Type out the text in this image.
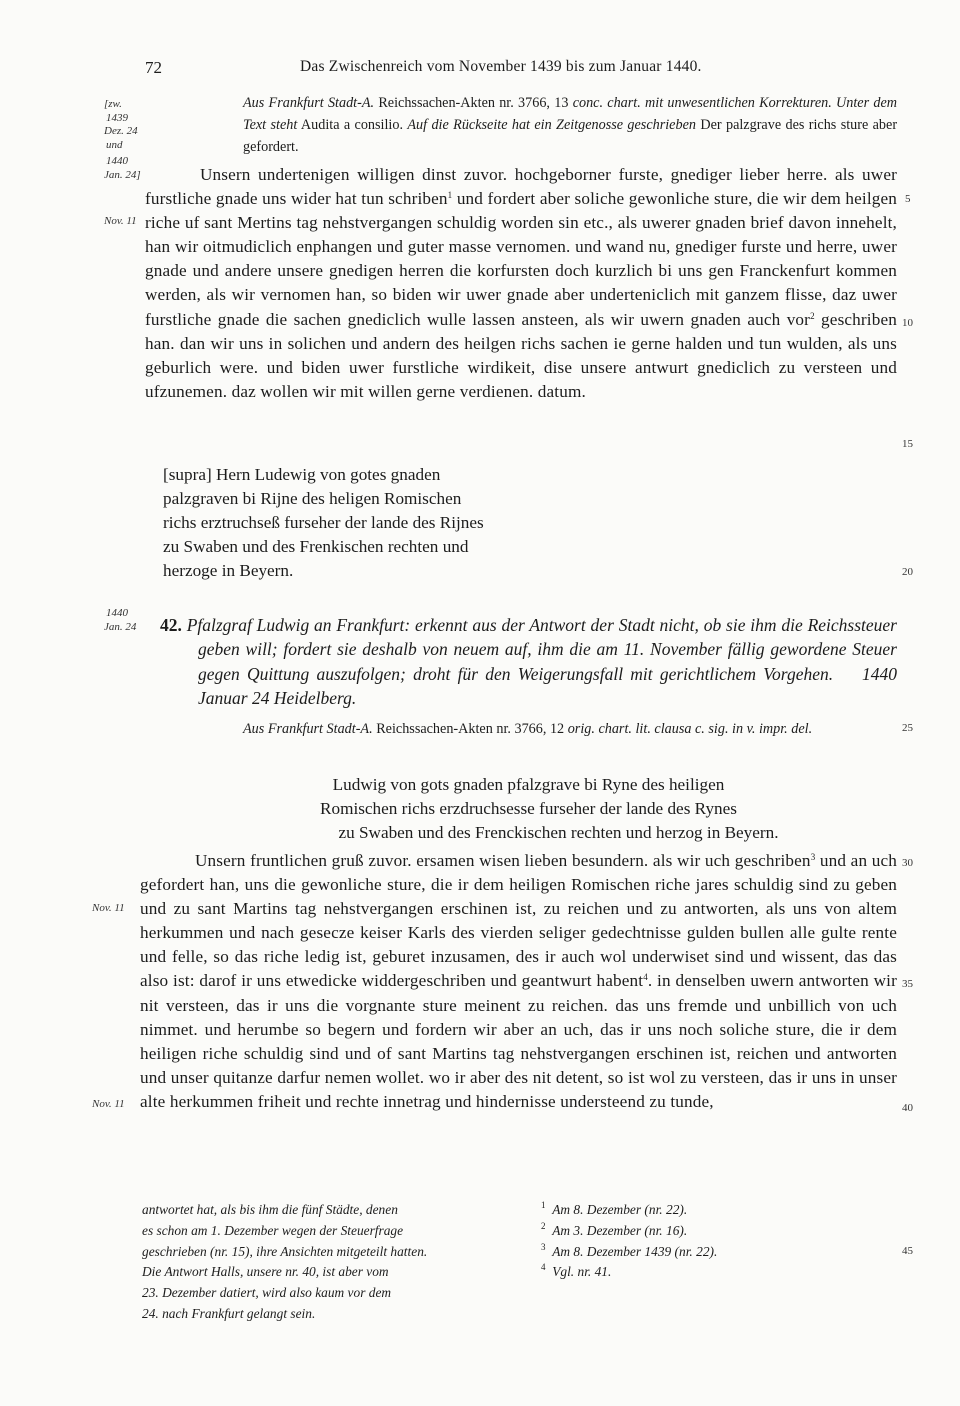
72	Das Zwischenreich vom November 1439 bis zum Januar 1440.
[zw.
1439
Dez. 24
und
1440
Jan. 24]
Nov. 11
1440
Jan. 24
Nov. 11
Nov. 11
5
10
15
20
25
30
35
40
45
Aus Frankfurt Stadt-A. Reichssachen-Akten nr. 3766, 13 conc. chart. mit unwesentlichen Korrekturen. Unter dem Text steht Audita a consilio. Auf die Rückseite hat ein Zeitgenosse geschrieben Der palzgrave des richs sture aber gefordert.

Unsern undertenigen willigen dinst zuvor. hochgeborner furste, gnediger lieber herre. als uwer furstliche gnade uns wider hat tun schriben$^1$ und fordert aber soliche gewonliche sture, die wir dem heilgen riche uf sant Mertins tag nehstvergangen schuldig worden sin etc., als uwerer gnaden brief davon innehelt, han wir oitmudiclich enphangen und guter masse vernomen. und wand nu, gnediger furste und herre, uwer gnade und andere unsere gnedigen herren die korfursten doch kurzlich bi uns gen Franckenfurt kommen werden, als wir vernomen han, so biden wir uwer gnade aber underteniclich mit ganzem flisse, daz uwer furstliche gnade die sachen gnediclich wulle lassen ansteen, als wir uwern gnaden auch vor$^2$ geschriben han. dan wir uns in solichen und andern des heilgen richs sachen ie gerne halden und tun wulden, als uns geburlich were. und biden uwer furstliche wirdikeit, dise unsere antwurt gnediclich zu versteen und ufzunemen. daz wollen wir mit willen gerne verdienen. datum.

[supra] Hern Ludewig von gotes gnaden
palzgraven bi Rijne des heligen Romischen
richs erztruchseß furseher der lande des Rijnes
zu Swaben und des Frenkischen rechten und
herzoge in Beyern.
42. Pfalzgraf Ludwig an Frankfurt: erkennt aus der Antwort der Stadt nicht, ob sie ihm die Reichssteuer geben will; fordert sie deshalb von neuem auf, ihm die am 11. November fällig gewordene Steuer gegen Quittung auszufolgen; droht für den Weigerungsfall mit gerichtlichem Vorgehen. 1440 Januar 24 Heidelberg.
Aus Frankfurt Stadt-A. Reichssachen-Akten nr. 3766, 12 orig. chart. lit. clausa c. sig. in v. impr. del.
Ludwig von gots gnaden pfalzgrave bi Ryne des heiligen
Romischen richs erzdruchsesse furseher der lande des Rynes
zu Swaben und des Frenckischen rechten und herzog in Beyern.

Unsern fruntlichen gruß zuvor. ersamen wisen lieben besundern. als wir uch geschriben$^3$ und an uch gefordert han, uns die gewonliche sture, die ir dem heiligen Romischen riche jares schuldig sind zu geben und zu sant Martins tag nehstvergangen erschinen ist, zu reichen und zu antworten, als uns von altem herkummen und nach gesecze keiser Karls des vierden seliger gedechtnisse gulden bullen alle gulte rente und felle, so das riche ledig ist, geburet inzusamen, des ir auch wol underwiset sind und wissent, das das also ist: darof ir uns etwedicke widdergeschriben und geantwurt habent$^4$. in denselben uwern antworten wir nit versteen, das ir uns die vorgnante sture meinent zu reichen. das uns fremde und unbillich von uch nimmet. und herumbe so begern und fordern wir aber an uch, das ir uns noch soliche sture, die ir dem heiligen riche schuldig sind und of sant Martins tag nehstvergangen erschinen ist, reichen und antworten und unser quitanze darfur nemen wollet. wo ir aber des nit detent, so ist wol zu versteen, das ir uns in unser alte herkummen friheit und rechte innetrag und hindernisse understeend zu tunde,

antwortet hat, als bis ihm die fünf Städte, denen
es schon am 1. Dezember wegen der Steuerfrage
geschrieben (nr. 15), ihre Ansichten mitgeteilt hatten.
Die Antwort Halls, unsere nr. 40, ist aber vom
23. Dezember datiert, wird also kaum vor dem
24. nach Frankfurt gelangt sein.
$^1$ Am 8. Dezember (nr. 22).
$^2$ Am 3. Dezember (nr. 16).
$^3$ Am 8. Dezember 1439 (nr. 22).
$^4$ Vgl. nr. 41.
